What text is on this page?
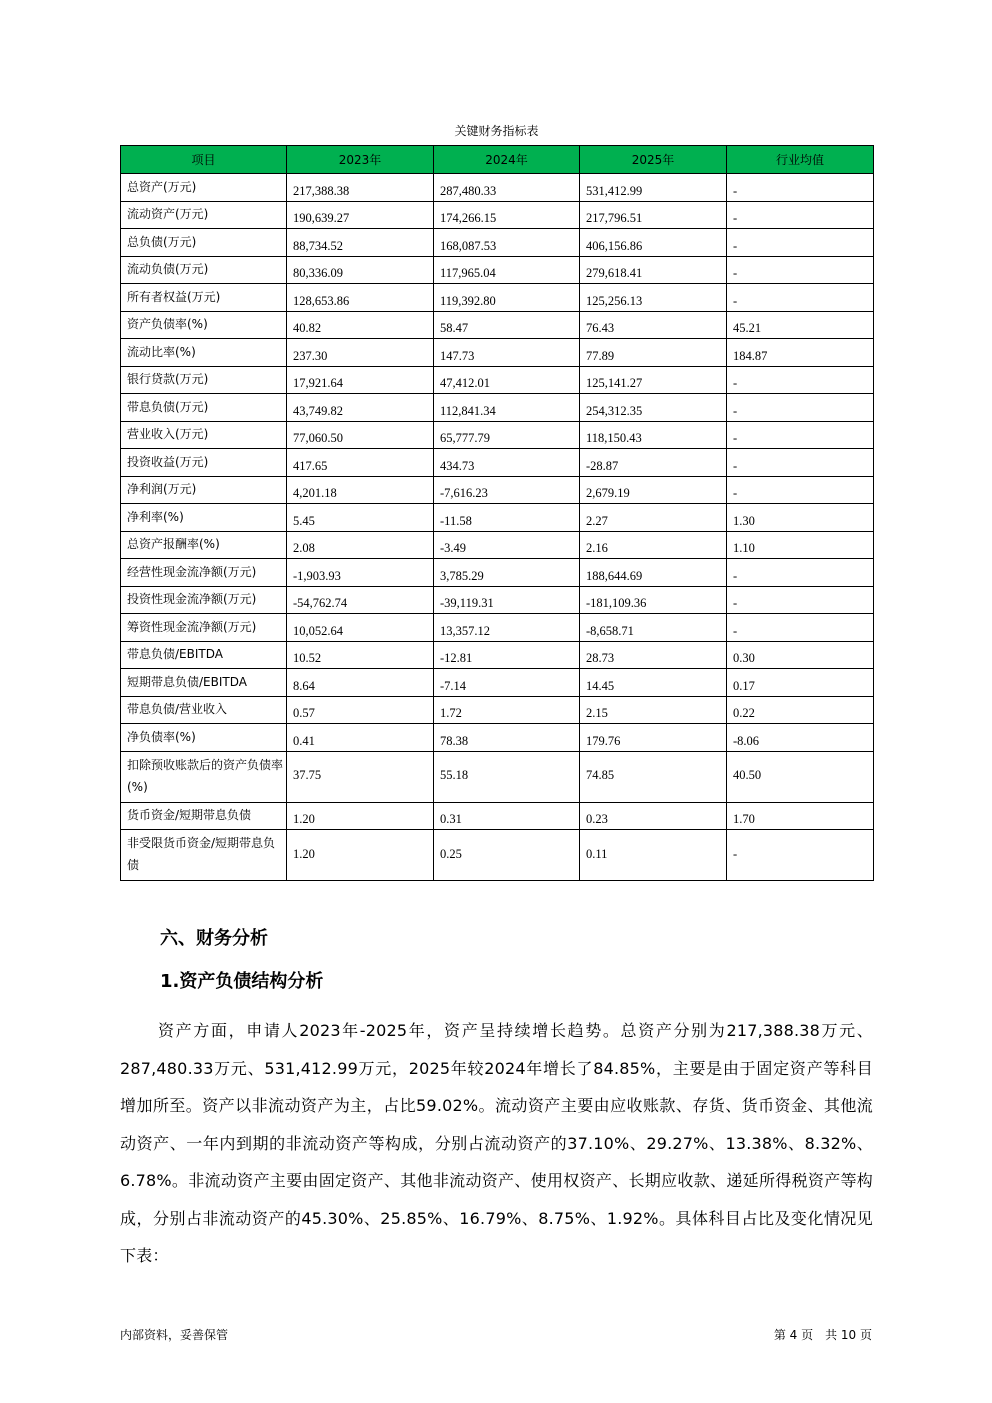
关键财务指标表
项目	2023年	2024年	2025年	行业均值
总资产(万元)	217,388.38	287,480.33	531,412.99	-
流动资产(万元)	190,639.27	174,266.15	217,796.51	-
总负债(万元)	88,734.52	168,087.53	406,156.86	-
流动负债(万元)	80,336.09	117,965.04	279,618.41	-
所有者权益(万元)	128,653.86	119,392.80	125,256.13	-
资产负债率(%)	40.82	58.47	76.43	45.21
流动比率(%)	237.30	147.73	77.89	184.87
银行贷款(万元)	17,921.64	47,412.01	125,141.27	-
带息负债(万元)	43,749.82	112,841.34	254,312.35	-
营业收入(万元)	77,060.50	65,777.79	118,150.43	-
投资收益(万元)	417.65	434.73	-28.87	-
净利润(万元)	4,201.18	-7,616.23	2,679.19	-
净利率(%)	5.45	-11.58	2.27	1.30
总资产报酬率(%)	2.08	-3.49	2.16	1.10
经营性现金流净额(万元)	-1,903.93	3,785.29	188,644.69	-
投资性现金流净额(万元)	-54,762.74	-39,119.31	-181,109.36	-
筹资性现金流净额(万元)	10,052.64	13,357.12	-8,658.71	-
带息负债/EBITDA	10.52	-12.81	28.73	0.30
短期带息负债/EBITDA	8.64	-7.14	14.45	0.17
带息负债/营业收入	0.57	1.72	2.15	0.22
净负债率(%)	0.41	78.38	179.76	-8.06
扣除预收账款后的资产负债率(%)	37.75	55.18	74.85	40.50
货币资金/短期带息负债	1.20	0.31	0.23	1.70
非受限货币资金/短期带息负债	1.20	0.25	0.11	-
六、财务分析
1.资产负债结构分析
资产方面，申请人2023年-2025年，资产呈持续增长趋势。总资产分别为217,388.38万元、287,480.33万元、531,412.99万元，2025年较2024年增长了84.85%，主要是由于固定资产等科目增加所至。资产以非流动资产为主，占比59.02%。流动资产主要由应收账款、存货、货币资金、其他流动资产、一年内到期的非流动资产等构成，分别占流动资产的37.10%、29.27%、13.38%、8.32%、6.78%。非流动资产主要由固定资产、其他非流动资产、使用权资产、长期应收款、递延所得税资产等构成，分别占非流动资产的45.30%、25.85%、16.79%、8.75%、1.92%。具体科目占比及变化情况见下表：
内部资料，妥善保管	第 4 页　共 10 页
